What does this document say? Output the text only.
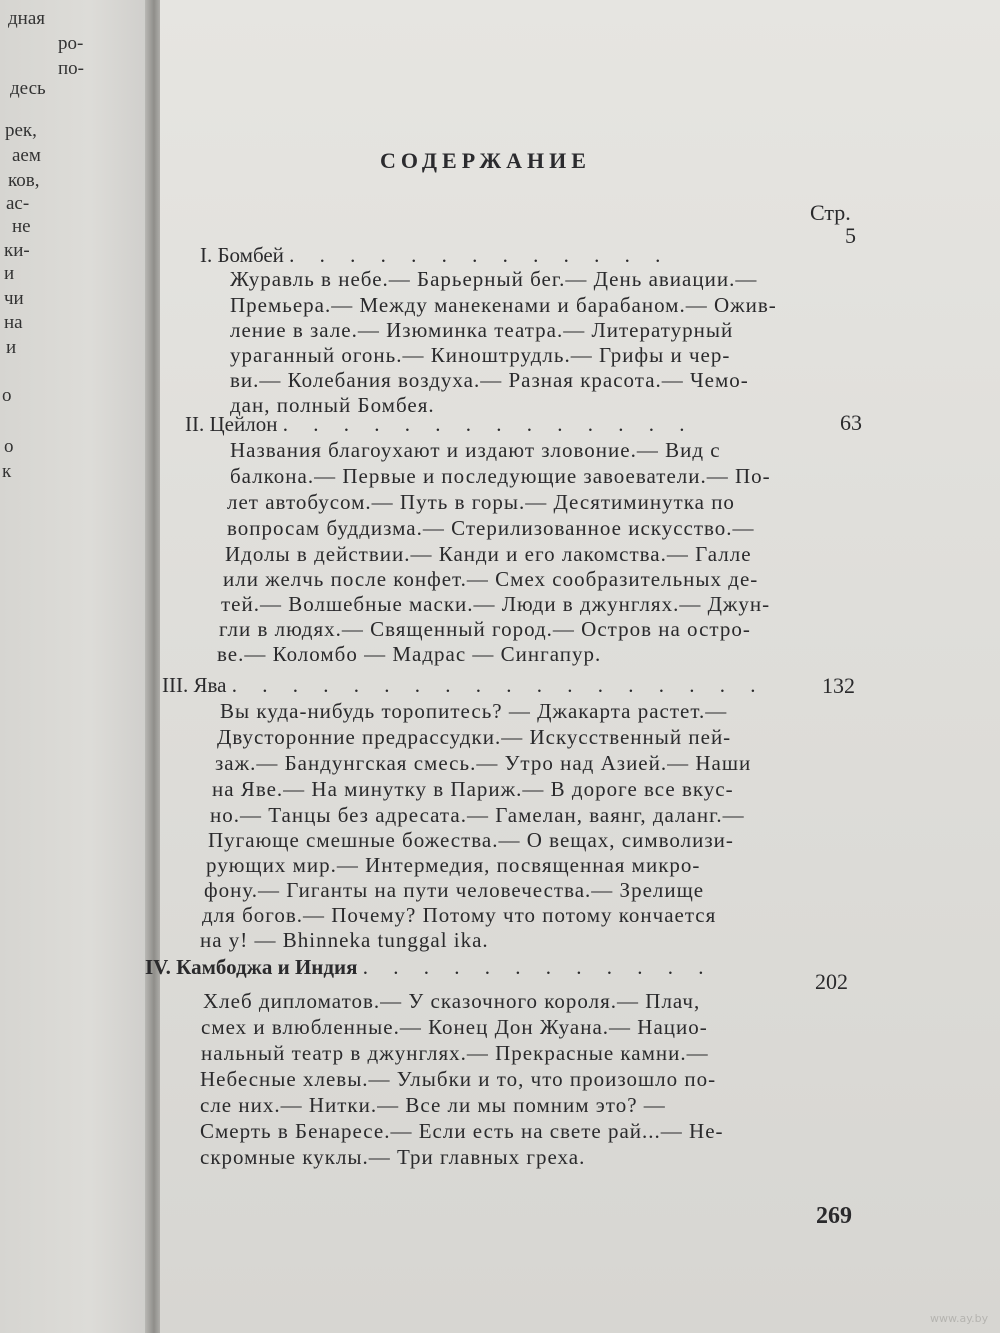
дная
ро-
по-
десь
рек,
аем
ков,
ас-
не
ки-
и
чи
на
и
о
о
к
СОДЕРЖАНИЕ
Стр.
I. Бомбей . . . . . . . . . . . . .
5
Журавль в небе.— Барьерный бег.— День авиации.—
Премьера.— Между манекенами и барабаном.— Ожив-
ление в зале.— Изюминка театра.— Литературный
ураганный огонь.— Киноштрудль.— Грифы и чер-
ви.— Колебания воздуха.— Разная красота.— Чемо-
дан, полный Бомбея.
II. Цейлон . . . . . . . . . . . . . .	63
Названия благоухают и издают зловоние.— Вид с
балкона.— Первые и последующие завоеватели.— По-
лет автобусом.— Путь в горы.— Десятиминутка по
вопросам буддизма.— Стерилизованное искусство.—
Идолы в действии.— Канди и его лакомства.— Галле
или желчь после конфет.— Смех сообразительных де-
тей.— Волшебные маски.— Люди в джунглях.— Джун-
гли в людях.— Священный город.— Остров на остро-
ве.— Коломбо — Мадрас — Сингапур.
III. Ява . . . . . . . . . . . . . . . . . .	132
Вы куда-нибудь торопитесь? — Джакарта растет.—
Двусторонние предрассудки.— Искусственный пей-
заж.— Бандунгская смесь.— Утро над Азией.— Наши
на Яве.— На минутку в Париж.— В дороге все вкус-
но.— Танцы без адресата.— Гамелан, ваянг, даланг.—
Пугающе смешные божества.— О вещах, символизи-
рующих мир.— Интермедия, посвященная микро-
фону.— Гиганты на пути человечества.— Зрелище
для богов.— Почему? Потому что потому кончается
на у! — Bhinneka tunggal ika.
IV. Камбоджа и Индия . . . . . . . . . . . .
202
Хлеб дипломатов.— У сказочного короля.— Плач,
смех и влюбленные.— Конец Дон Жуана.— Нацио-
нальный театр в джунглях.— Прекрасные камни.—
Небесные хлевы.— Улыбки и то, что произошло по-
сле них.— Нитки.— Все ли мы помним это? —
Смерть в Бенаресе.— Если есть на свете рай...— Не-
скромные куклы.— Три главных греха.
269
www.ay.by
